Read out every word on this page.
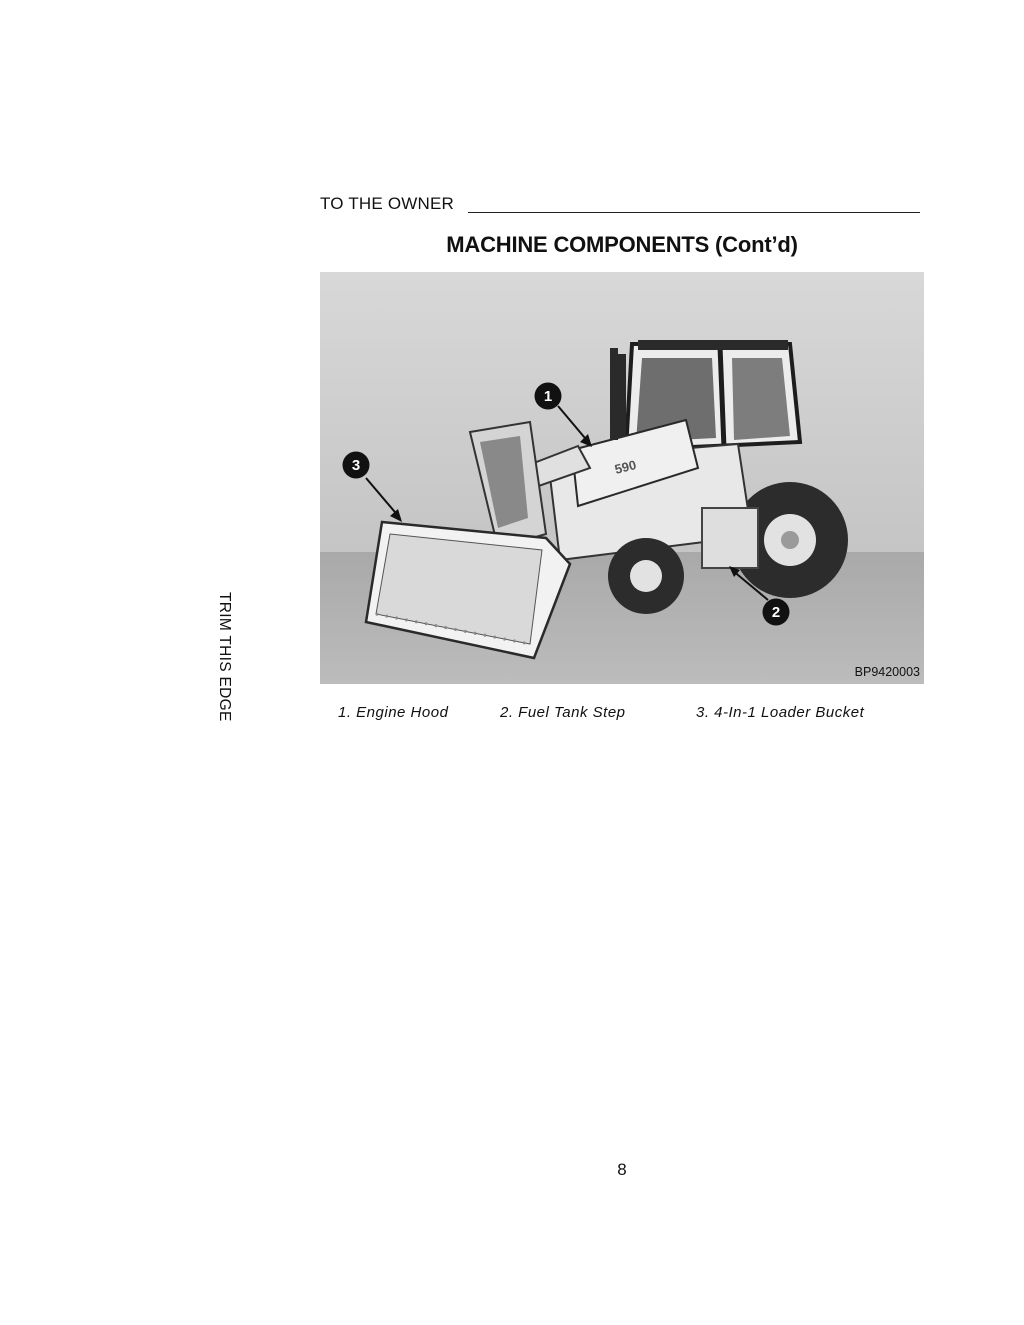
TO THE OWNER
MACHINE COMPONENTS (Cont’d)
590
1
2
3
BP9420003
1. Engine Hood	2. Fuel Tank Step	3. 4-In-1 Loader Bucket
TRIM THIS EDGE
8
